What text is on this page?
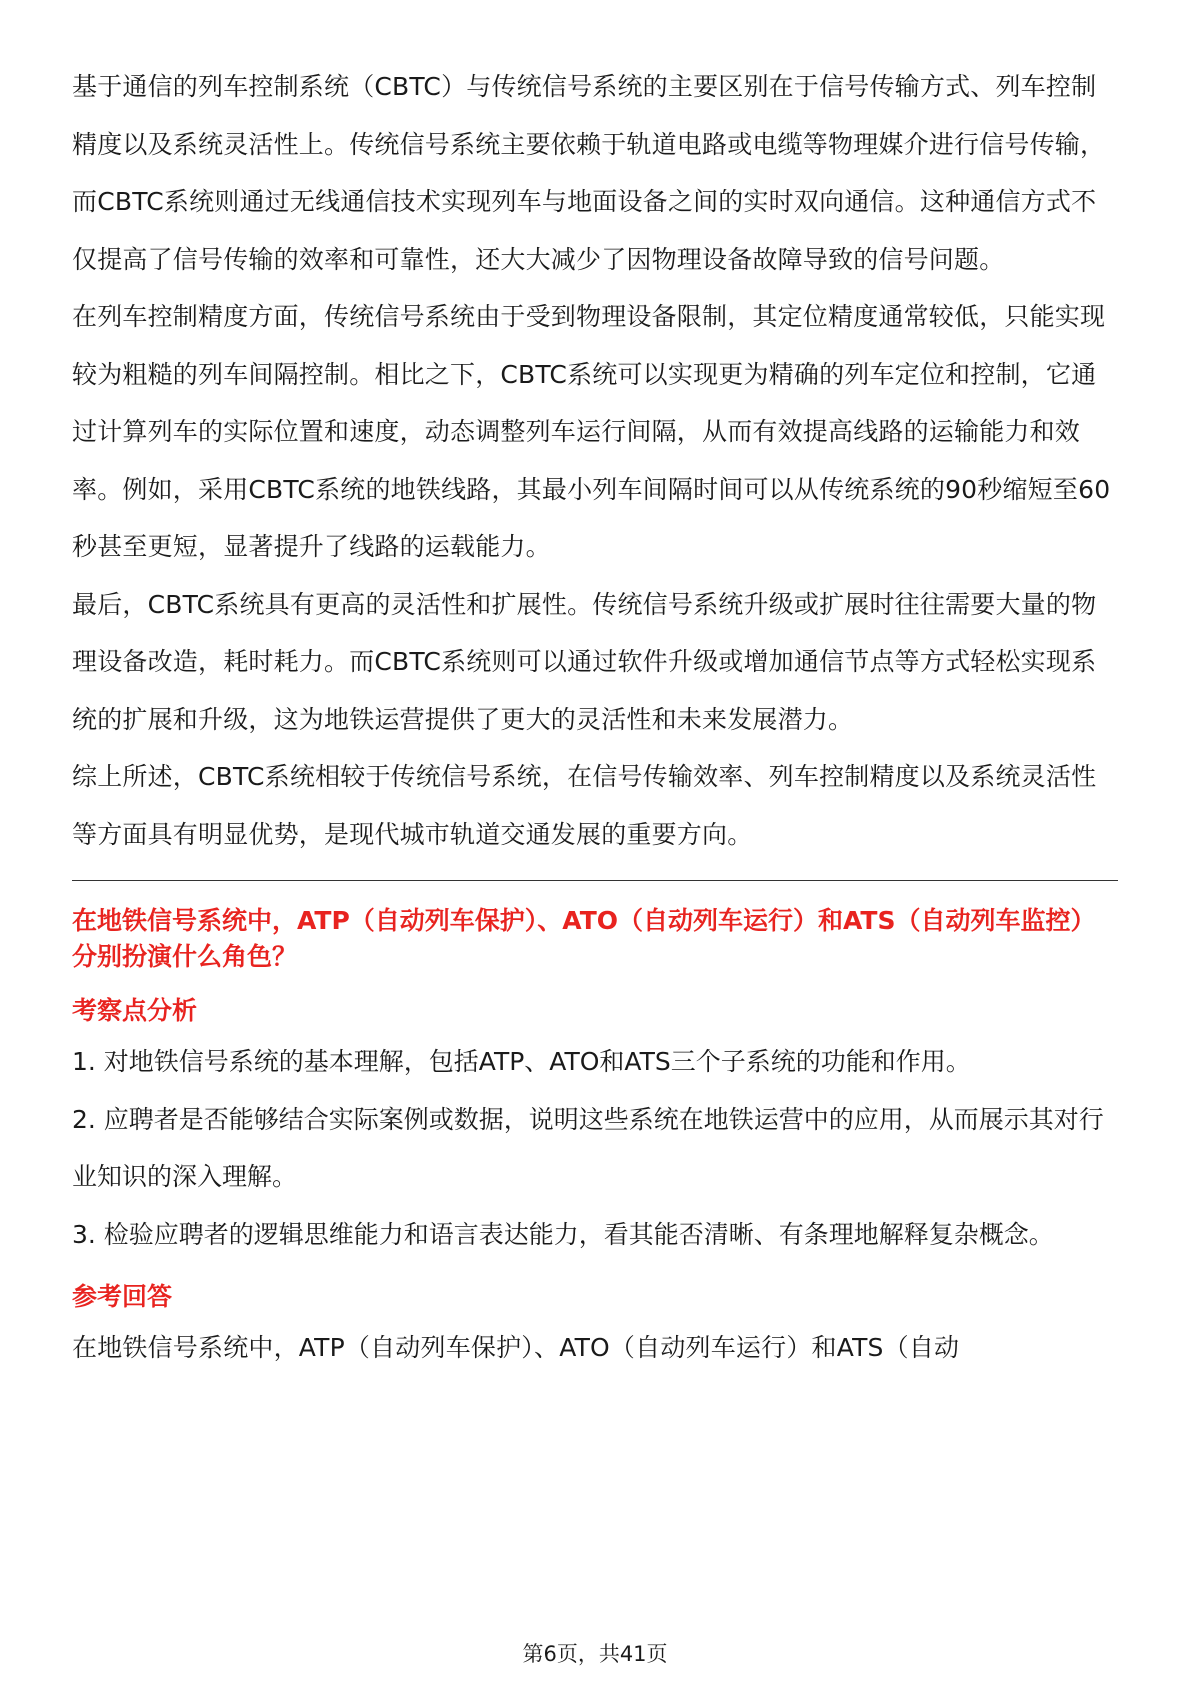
基于通信的列车控制系统（CBTC）与传统信号系统的主要区别在于信号传输方式、列车控制精度以及系统灵活性上。传统信号系统主要依赖于轨道电路或电缆等物理媒介进行信号传输，而CBTC系统则通过无线通信技术实现列车与地面设备之间的实时双向通信。这种通信方式不仅提高了信号传输的效率和可靠性，还大大减少了因物理设备故障导致的信号问题。

在列车控制精度方面，传统信号系统由于受到物理设备限制，其定位精度通常较低，只能实现较为粗糙的列车间隔控制。相比之下，CBTC系统可以实现更为精确的列车定位和控制，它通过计算列车的实际位置和速度，动态调整列车运行间隔，从而有效提高线路的运输能力和效率。例如，采用CBTC系统的地铁线路，其最小列车间隔时间可以从传统系统的90秒缩短至60秒甚至更短，显著提升了线路的运载能力。

最后，CBTC系统具有更高的灵活性和扩展性。传统信号系统升级或扩展时往往需要大量的物理设备改造，耗时耗力。而CBTC系统则可以通过软件升级或增加通信节点等方式轻松实现系统的扩展和升级，这为地铁运营提供了更大的灵活性和未来发展潜力。

综上所述，CBTC系统相较于传统信号系统，在信号传输效率、列车控制精度以及系统灵活性等方面具有明显优势，是现代城市轨道交通发展的重要方向。

在地铁信号系统中，ATP（自动列车保护）、ATO（自动列车运行）和ATS（自动列车监控）分别扮演什么角色？

考察点分析

1. 对地铁信号系统的基本理解，包括ATP、ATO和ATS三个子系统的功能和作用。

2. 应聘者是否能够结合实际案例或数据，说明这些系统在地铁运营中的应用，从而展示其对行业知识的深入理解。

3. 检验应聘者的逻辑思维能力和语言表达能力，看其能否清晰、有条理地解释复杂概念。

参考回答

在地铁信号系统中，ATP（自动列车保护）、ATO（自动列车运行）和ATS（自动

第6页，共41页
